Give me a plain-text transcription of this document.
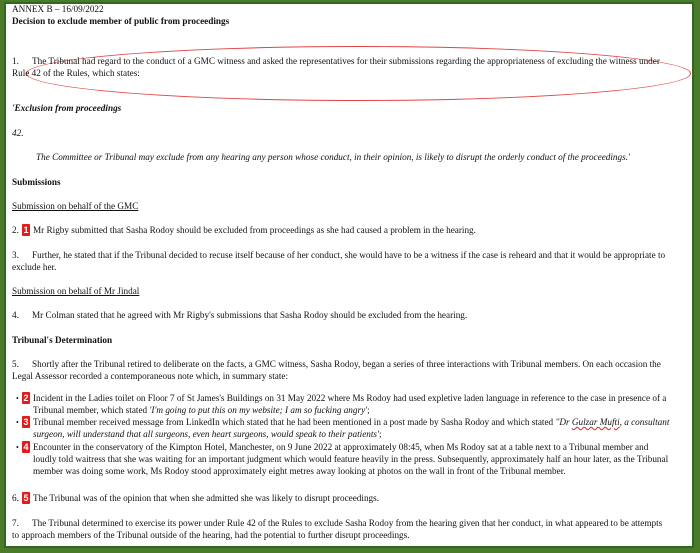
ANNEX B – 16/09/2022
Decision to exclude member of public from proceedings
1. The Tribunal had regard to the conduct of a GMC witness and asked the representatives for their submissions regarding the appropriateness of excluding the witness under
Rule 42 of the Rules, which states:
'Exclusion from proceedings
42.
The Committee or Tribunal may exclude from any hearing any person whose conduct, in their opinion, is likely to disrupt the orderly conduct of the proceedings.'
Submissions
Submission on behalf of the GMC
2. 1 Mr Rigby submitted that Sasha Rodoy should be excluded from proceedings as she had caused a problem in the hearing.
3. Further, he stated that if the Tribunal decided to recuse itself because of her conduct, she would have to be a witness if the case is reheard and that it would be appropriate to
exclude her.
Submission on behalf of Mr Jindal
4. Mr Colman stated that he agreed with Mr Rigby's submissions that Sasha Rodoy should be excluded from the hearing.
Tribunal's Determination
5. Shortly after the Tribunal retired to deliberate on the facts, a GMC witness, Sasha Rodoy, began a series of three interactions with Tribunal members. On each occasion the
Legal Assessor recorded a contemporaneous note which, in summary state:
• 2 Incident in the Ladies toilet on Floor 7 of St James's Buildings on 31 May 2022 where Ms Rodoy had used expletive laden language in reference to the case in presence of a
Tribunal member, which stated 'I'm going to put this on my website; I am so fucking angry';
• 3 Tribunal member received message from LinkedIn which stated that he had been mentioned in a post made by Sasha Rodoy and which stated ''Dr Gulzar Mufti, a consultant
surgeon, will understand that all surgeons, even heart surgeons, would speak to their patients';
• 4 Encounter in the conservatory of the Kimpton Hotel, Manchester, on 9 June 2022 at approximately 08:45, when Ms Rodoy sat at a table next to a Tribunal member and
loudly told waitress that she was waiting for an important judgment which would feature heavily in the press. Subsequently, approximately half an hour later, as the Tribunal
member was doing some work, Ms Rodoy stood approximately eight metres away looking at photos on the wall in front of the Tribunal member.
6. 5 The Tribunal was of the opinion that when she admitted she was likely to disrupt proceedings.
7. The Tribunal determined to exercise its power under Rule 42 of the Rules to exclude Sasha Rodoy from the hearing given that her conduct, in what appeared to be attempts
to approach members of the Tribunal outside of the hearing, had the potential to further disrupt proceedings.
